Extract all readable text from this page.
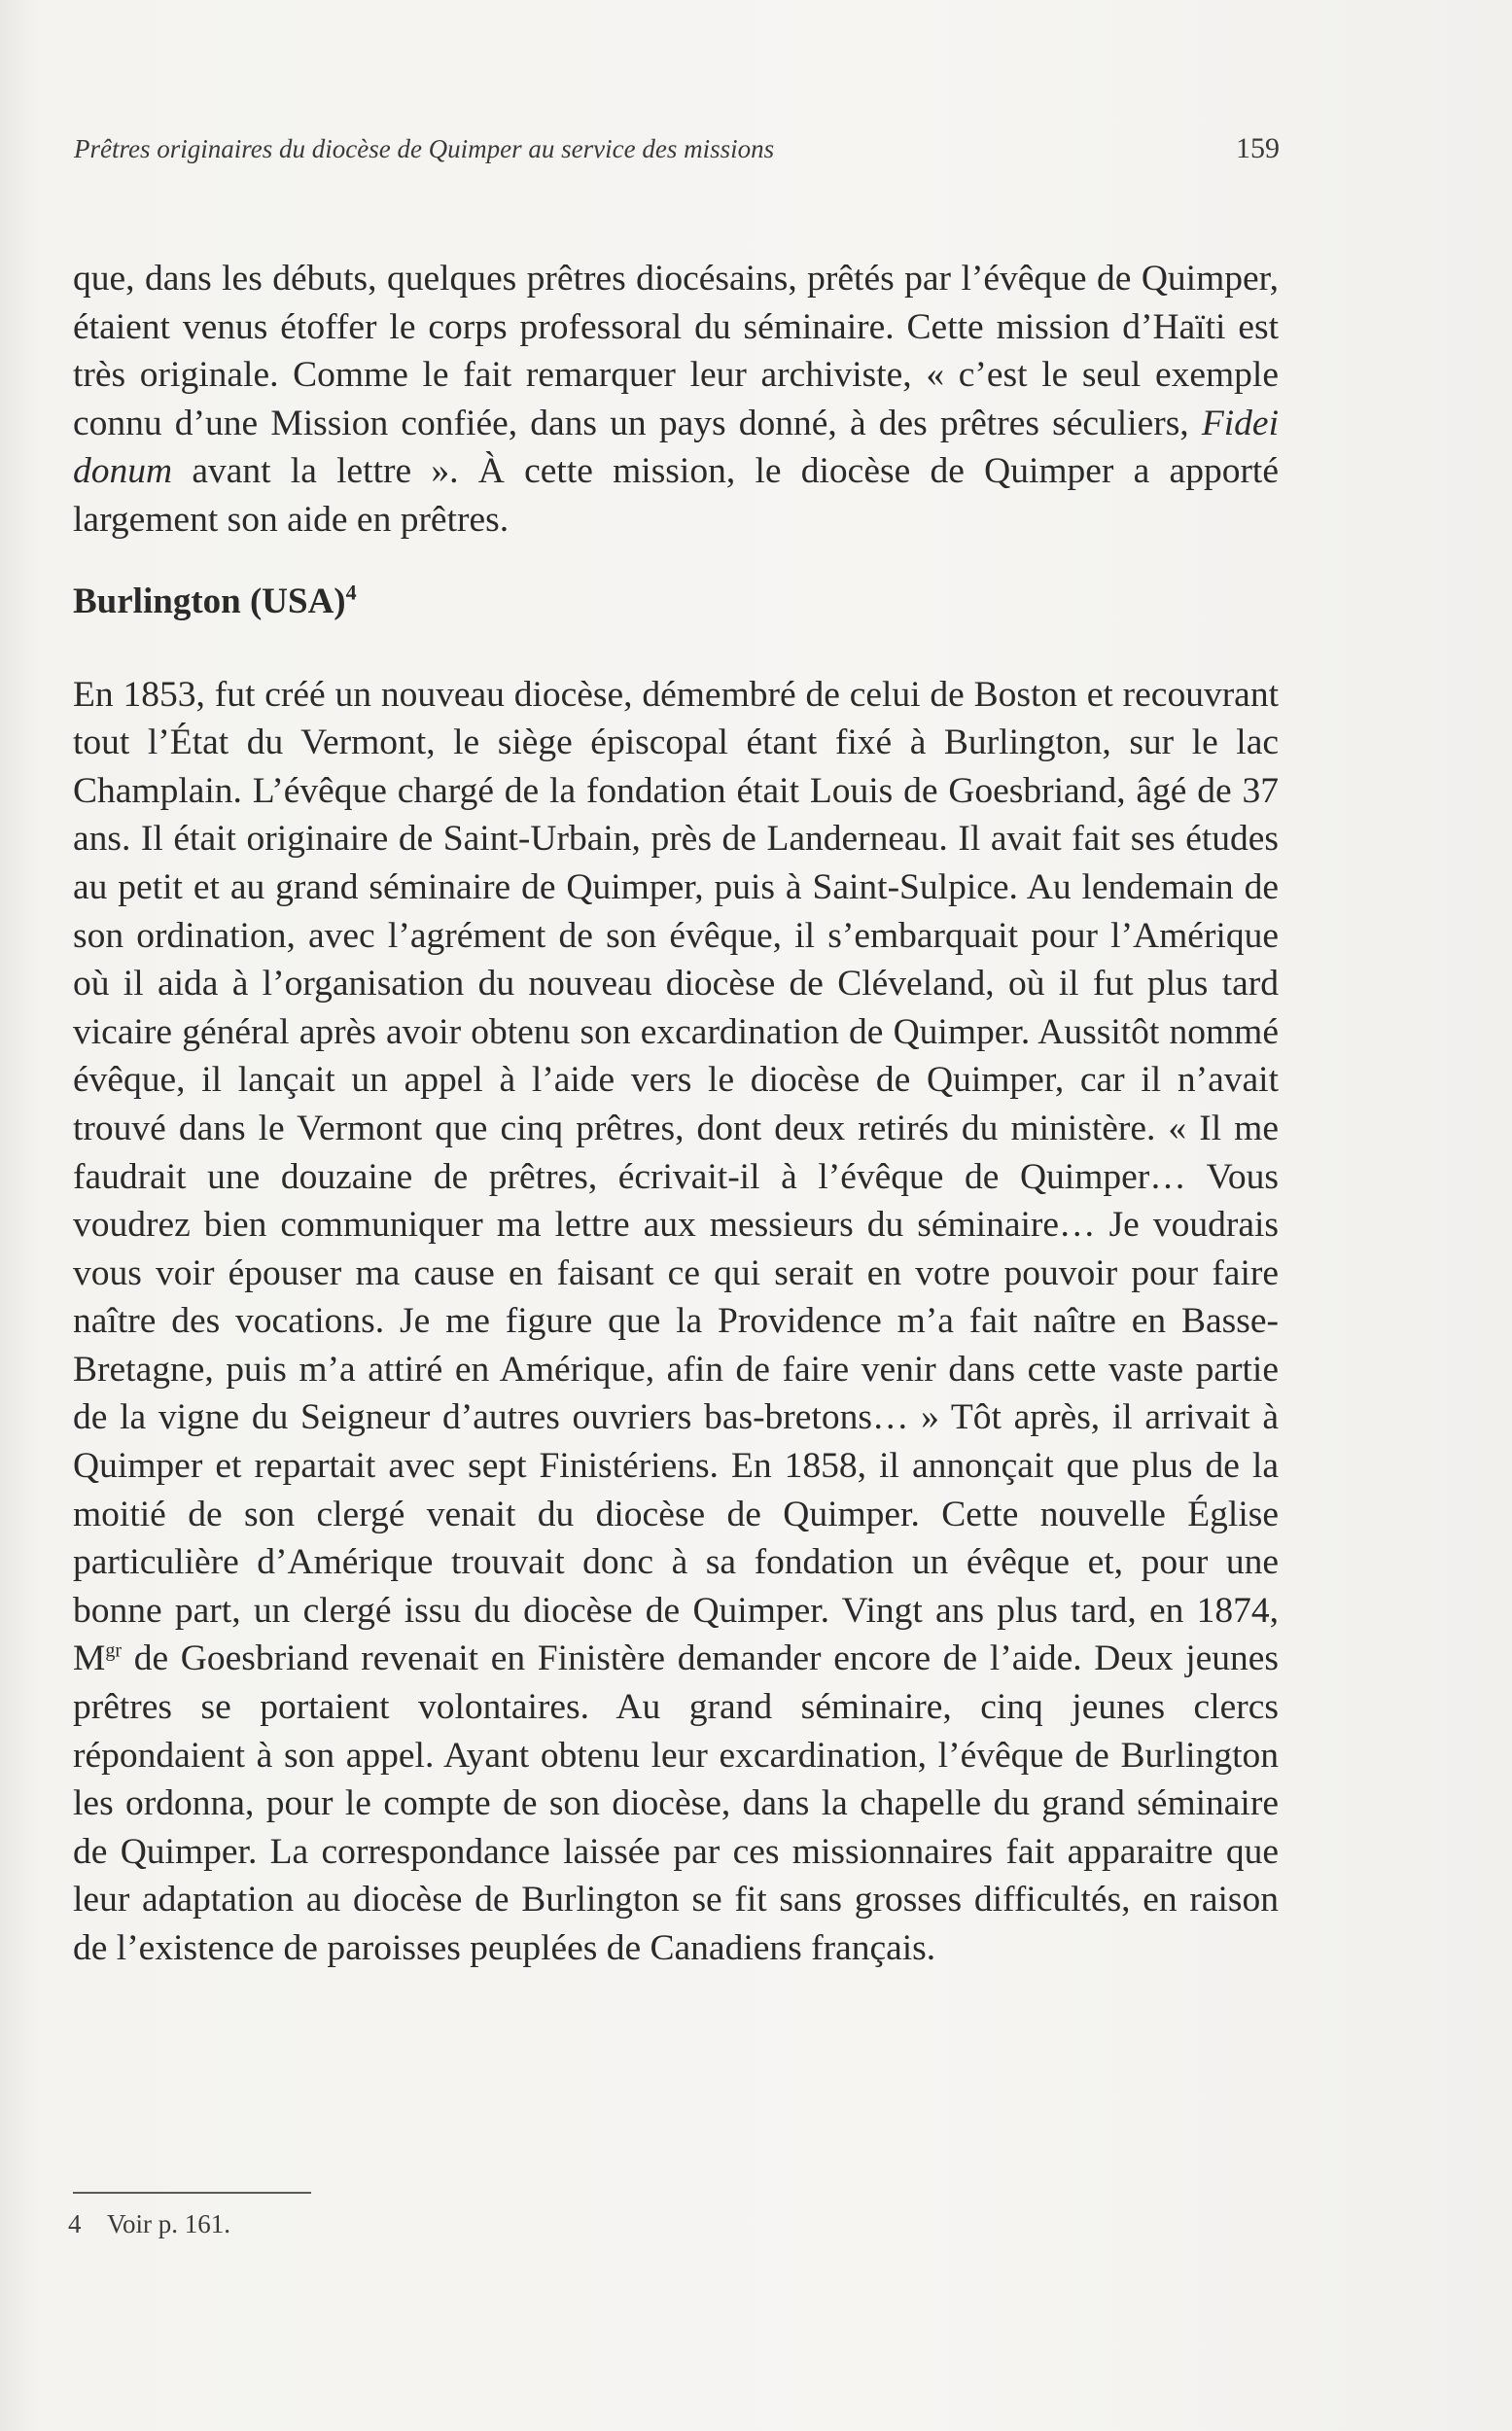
Prêtres originaires du diocèse de Quimper au service des missions	159

que, dans les débuts, quelques prêtres diocésains, prêtés par l’évêque de Quimper, étaient venus étoffer le corps professoral du séminaire. Cette mission d’Haïti est très originale. Comme le fait remarquer leur archiviste, « c’est le seul exemple connu d’une Mission confiée, dans un pays donné, à des prêtres séculiers, Fidei donum avant la lettre ». À cette mission, le diocèse de Quimper a apporté largement son aide en prêtres.

Burlington (USA)$^4$

En 1853, fut créé un nouveau diocèse, démembré de celui de Boston et recouvrant tout l’État du Vermont, le siège épiscopal étant fixé à Burlington, sur le lac Champlain. L’évêque chargé de la fondation était Louis de Goesbriand, âgé de 37 ans. Il était originaire de Saint-Urbain, près de Landerneau. Il avait fait ses études au petit et au grand séminaire de Quimper, puis à Saint-Sulpice. Au lendemain de son ordination, avec l’agrément de son évêque, il s’embarquait pour l’Amérique où il aida à l’organisation du nouveau diocèse de Cléveland, où il fut plus tard vicaire général après avoir obtenu son excardination de Quimper. Aussitôt nommé évêque, il lançait un appel à l’aide vers le diocèse de Quimper, car il n’avait trouvé dans le Vermont que cinq prêtres, dont deux retirés du ministère. « Il me faudrait une douzaine de prêtres, écrivait-il à l’évêque de Quimper… Vous voudrez bien communiquer ma lettre aux messieurs du séminaire… Je voudrais vous voir épouser ma cause en faisant ce qui serait en votre pouvoir pour faire naître des vocations. Je me figure que la Providence m’a fait naître en Basse-Bretagne, puis m’a attiré en Amérique, afin de faire venir dans cette vaste partie de la vigne du Seigneur d’autres ouvriers bas-bretons… » Tôt après, il arrivait à Quimper et repartait avec sept Finistériens. En 1858, il annonçait que plus de la moitié de son clergé venait du diocèse de Quimper. Cette nouvelle Église particulière d’Amérique trouvait donc à sa fondation un évêque et, pour une bonne part, un clergé issu du diocèse de Quimper. Vingt ans plus tard, en 1874, $M^{gr}$ de Goesbriand revenait en Finistère demander encore de l’aide. Deux jeunes prêtres se portaient volontaires. Au grand séminaire, cinq jeunes clercs répondaient à son appel. Ayant obtenu leur excardination, l’évêque de Burlington les ordonna, pour le compte de son diocèse, dans la chapelle du grand séminaire de Quimper. La correspondance laissée par ces missionnaires fait apparaitre que leur adaptation au diocèse de Burlington se fit sans grosses difficultés, en raison de l’existence de paroisses peuplées de Canadiens français.

4 Voir p. 161.
